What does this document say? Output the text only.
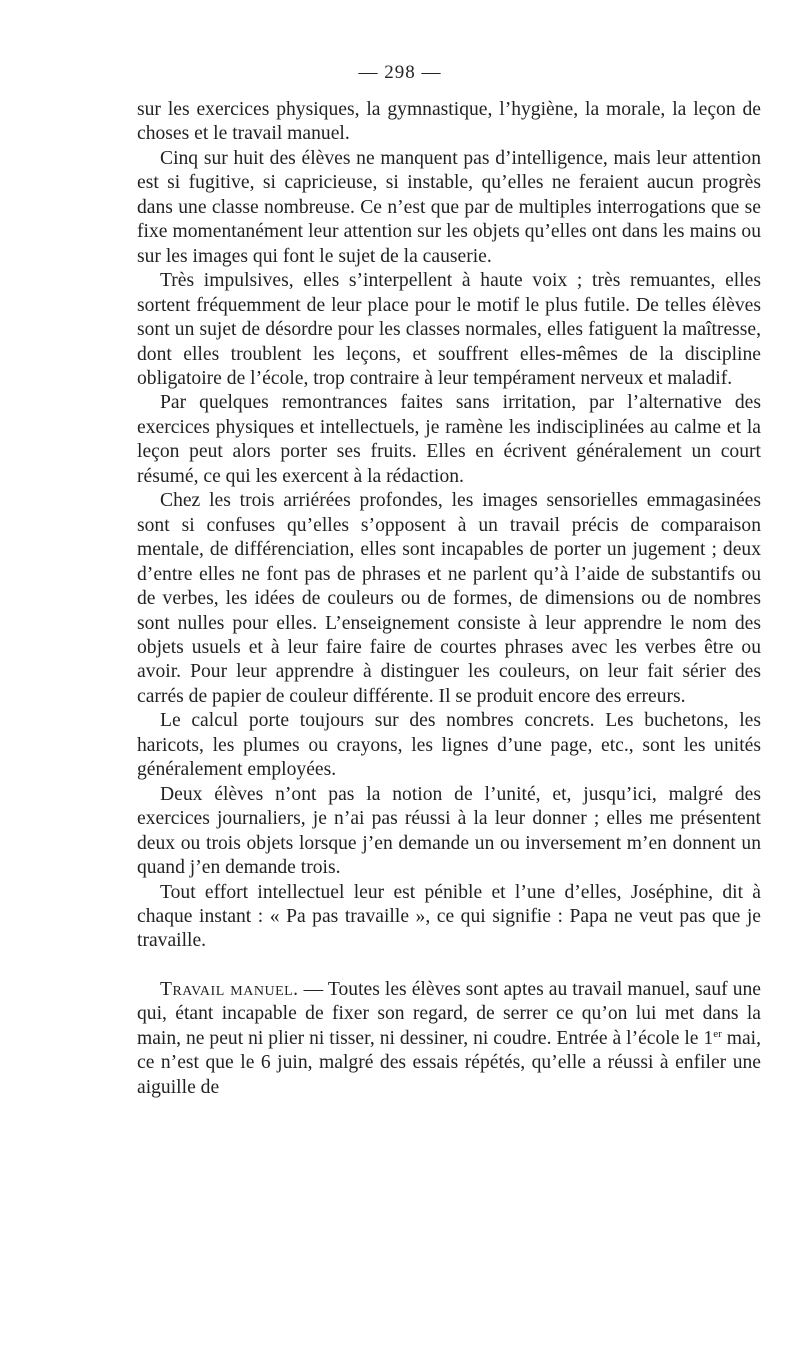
— 298 —

sur les exercices physiques, la gymnastique, l’hygiène, la morale, la leçon de choses et le travail manuel.

Cinq sur huit des élèves ne manquent pas d’intelligence, mais leur attention est si fugitive, si capricieuse, si instable, qu’elles ne feraient aucun progrès dans une classe nombreuse. Ce n’est que par de multiples interrogations que se fixe momentanément leur attention sur les objets qu’elles ont dans les mains ou sur les images qui font le sujet de la causerie.

Très impulsives, elles s’interpellent à haute voix ; très remuantes, elles sortent fréquemment de leur place pour le motif le plus futile. De telles élèves sont un sujet de désordre pour les classes normales, elles fatiguent la maîtresse, dont elles troublent les leçons, et souffrent elles-mêmes de la discipline obligatoire de l’école, trop contraire à leur tempérament nerveux et maladif.

Par quelques remontrances faites sans irritation, par l’alternative des exercices physiques et intellectuels, je ramène les indisciplinées au calme et la leçon peut alors porter ses fruits. Elles en écrivent généralement un court résumé, ce qui les exercent à la rédaction.

Chez les trois arriérées profondes, les images sensorielles emmagasinées sont si confuses qu’elles s’opposent à un travail précis de comparaison mentale, de différenciation, elles sont incapables de porter un jugement ; deux d’entre elles ne font pas de phrases et ne parlent qu’à l’aide de substantifs ou de verbes, les idées de couleurs ou de formes, de dimensions ou de nombres sont nulles pour elles. L’enseignement consiste à leur apprendre le nom des objets usuels et à leur faire faire de courtes phrases avec les verbes être ou avoir. Pour leur apprendre à distinguer les couleurs, on leur fait sérier des carrés de papier de couleur différente. Il se produit encore des erreurs.

Le calcul porte toujours sur des nombres concrets. Les buchetons, les haricots, les plumes ou crayons, les lignes d’une page, etc., sont les unités généralement employées.

Deux élèves n’ont pas la notion de l’unité, et, jusqu’ici, malgré des exercices journaliers, je n’ai pas réussi à la leur donner ; elles me présentent deux ou trois objets lorsque j’en demande un ou inversement m’en donnent un quand j’en demande trois.

Tout effort intellectuel leur est pénible et l’une d’elles, Joséphine, dit à chaque instant : « Pa pas travaille », ce qui signifie : Papa ne veut pas que je travaille.

Travail manuel. — Toutes les élèves sont aptes au travail manuel, sauf une qui, étant incapable de fixer son regard, de serrer ce qu’on lui met dans la main, ne peut ni plier ni tisser, ni dessiner, ni coudre. Entrée à l’école le 1er mai, ce n’est que le 6 juin, malgré des essais répétés, qu’elle a réussi à enfiler une aiguille de
